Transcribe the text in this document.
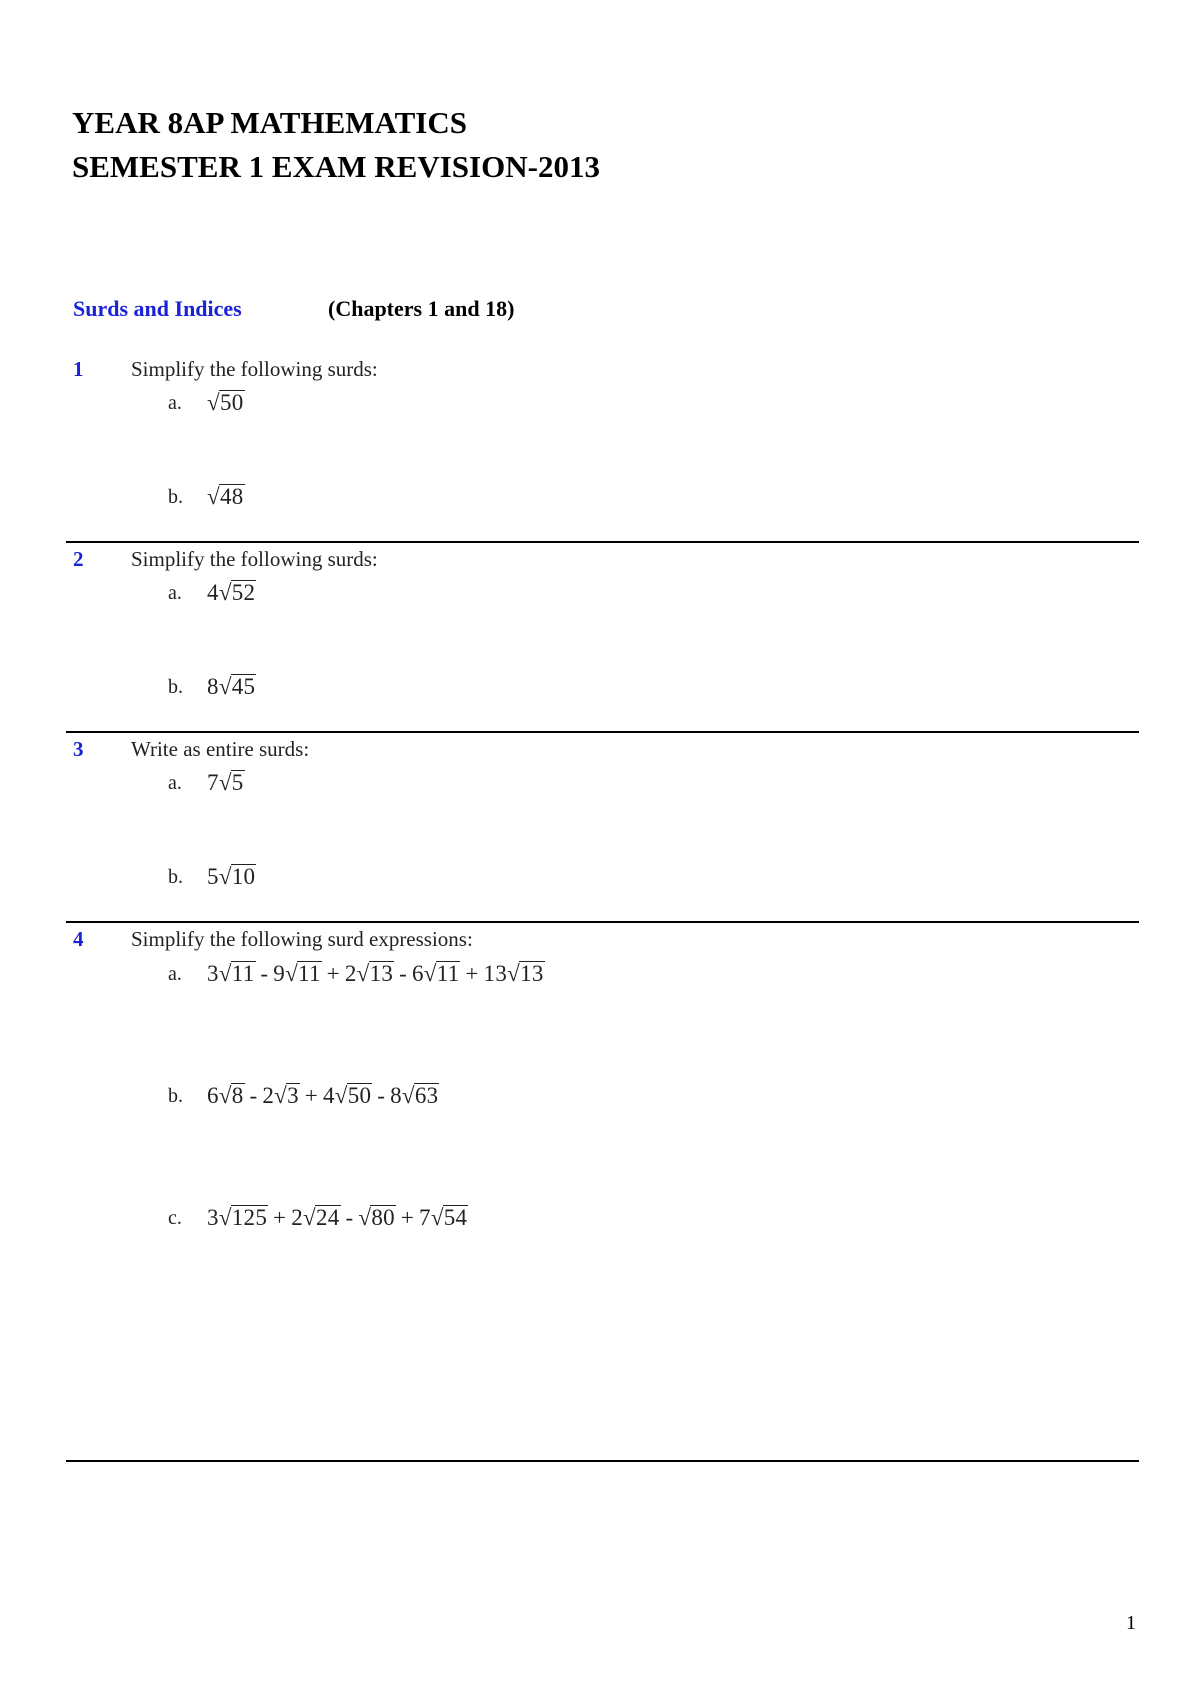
YEAR 8AP MATHEMATICS
SEMESTER 1 EXAM REVISION-2013
Surds and Indices	(Chapters 1 and 18)
1 Simplify the following surds:
a. √50
b. √48
2 Simplify the following surds:
a. 4√52
b. 8√45
3 Write as entire surds:
a. 7√5
b. 5√10
4 Simplify the following surd expressions:
a. 3√11 - 9√11 + 2√13 - 6√11 + 13√13
b. 6√8 - 2√3 + 4√50 - 8√63
c. 3√125 + 2√24 - √80 + 7√54
1
